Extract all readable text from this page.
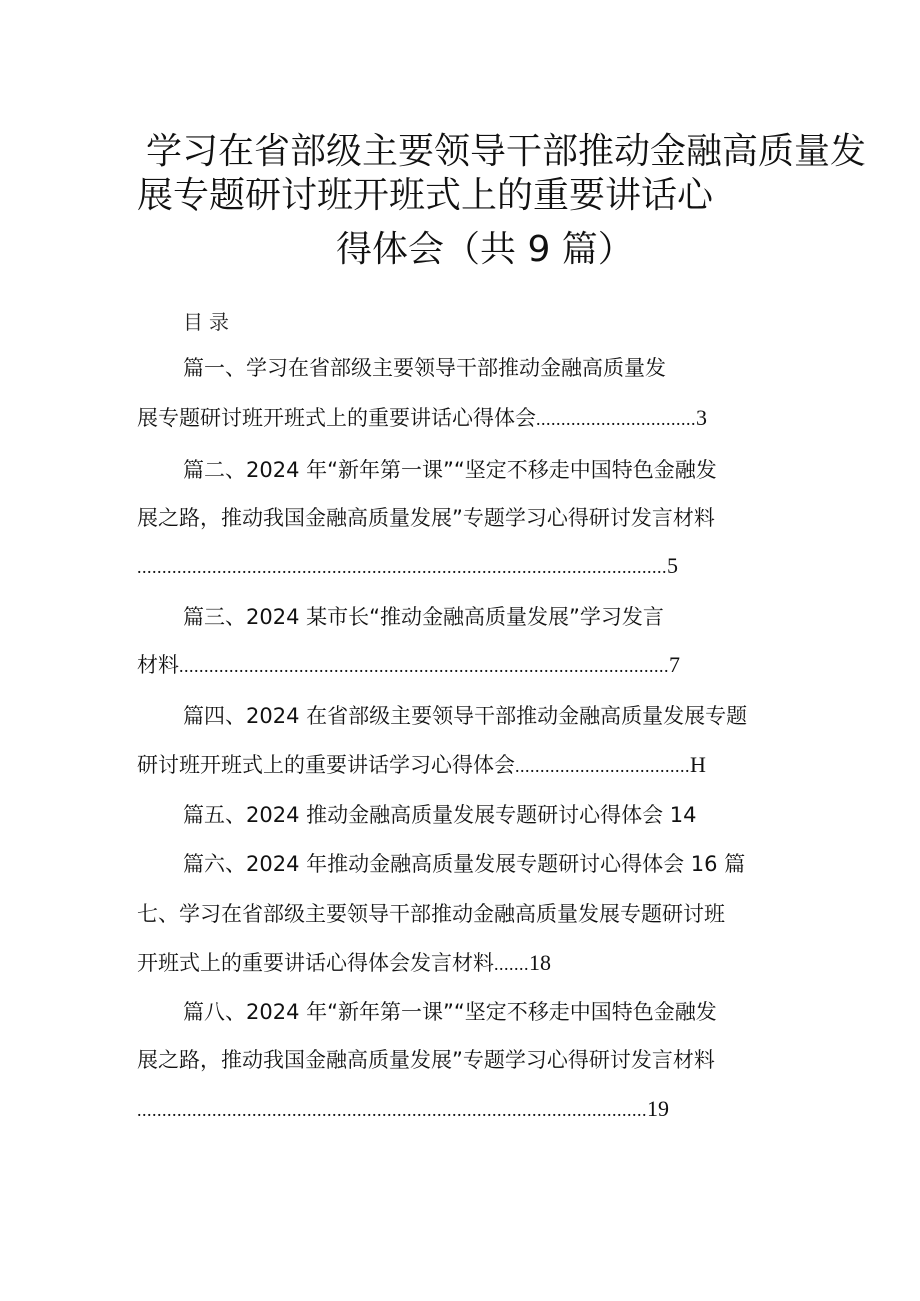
学习在省部级主要领导干部推动金融高质量发
展专题研讨班开班式上的重要讲话心
得体会（共 9 篇）
目录
篇一、学习在省部级主要领导干部推动金融高质量发
展专题研讨班开班式上的重要讲话心得体会................................3
篇二、2024 年“新年第一课”“坚定不移走中国特色金融发
展之路，推动我国金融高质量发展”专题学习心得研讨发言材料
..........................................................................................................5
篇三、2024 某市长“推动金融高质量发展”学习发言
材料..................................................................................................7
篇四、2024 在省部级主要领导干部推动金融高质量发展专题
研讨班开班式上的重要讲话学习心得体会...................................H
篇五、2024 推动金融高质量发展专题研讨心得体会 14
篇六、2024 年推动金融高质量发展专题研讨心得体会 16 篇
七、学习在省部级主要领导干部推动金融高质量发展专题研讨班
开班式上的重要讲话心得体会发言材料.......18
篇八、2024 年“新年第一课”“坚定不移走中国特色金融发
展之路，推动我国金融高质量发展”专题学习心得研讨发言材料
......................................................................................................19
